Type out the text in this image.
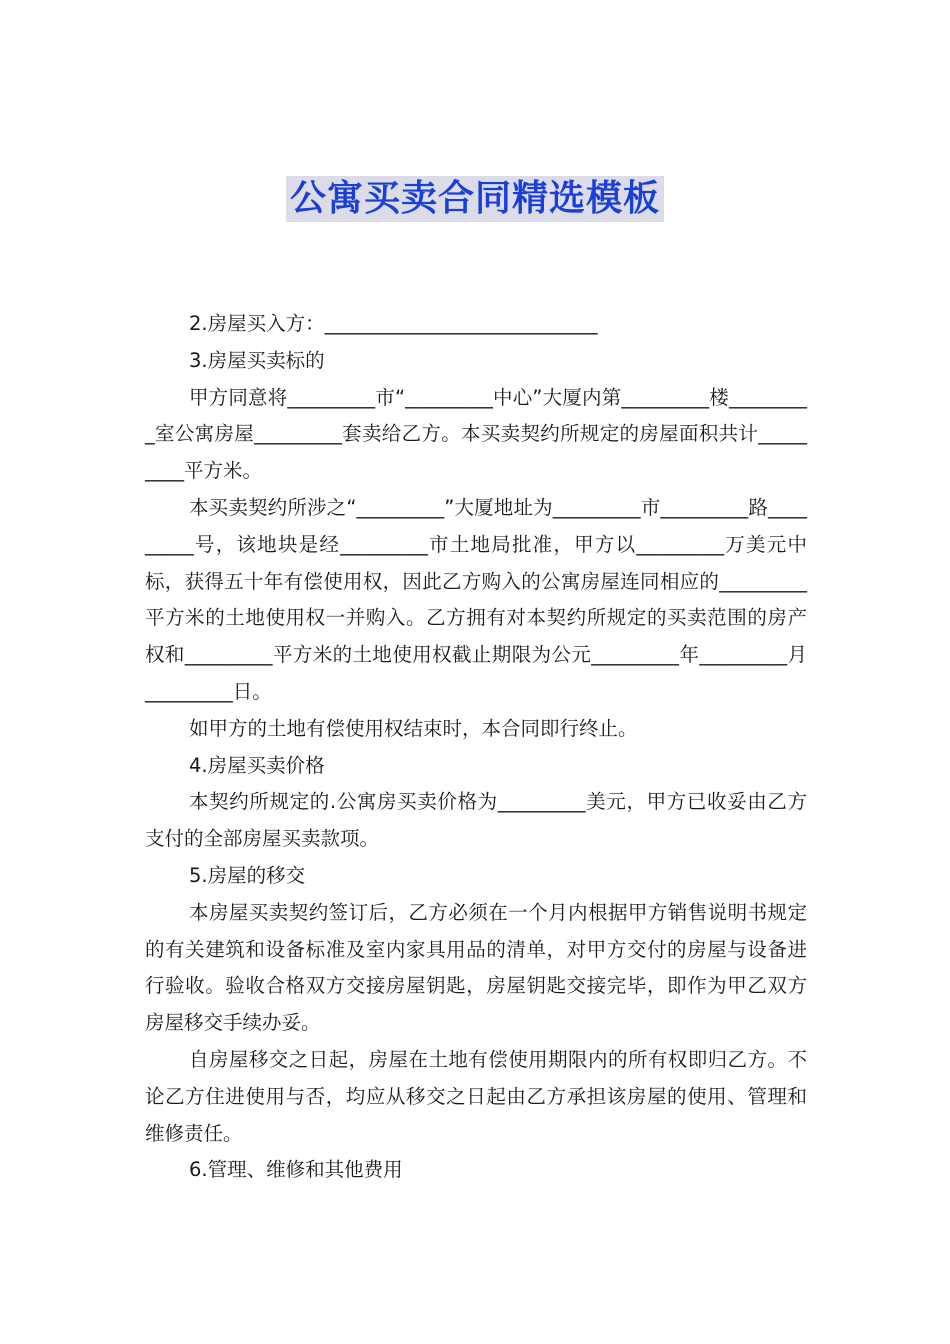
公寓买卖合同精选模板

2.房屋买入方：____________________________

3.房屋买卖标的

甲方同意将_________市“_________中心”大厦内第_________楼_________室公寓房屋_________套卖给乙方。本买卖契约所规定的房屋面积共计_________平方米。

本买卖契约所涉之“_________”大厦地址为_________市_________路_________号，该地块是经_________市土地局批准，甲方以_________万美元中标，获得五十年有偿使用权，因此乙方购入的公寓房屋连同相应的_________平方米的土地使用权一并购入。乙方拥有对本契约所规定的买卖范围的房产权和_________平方米的土地使用权截止期限为公元_________年_________月_________日。

如甲方的土地有偿使用权结束时，本合同即行终止。

4.房屋买卖价格

本契约所规定的.公寓房买卖价格为_________美元，甲方已收妥由乙方支付的全部房屋买卖款项。

5.房屋的移交

本房屋买卖契约签订后，乙方必须在一个月内根据甲方销售说明书规定的有关建筑和设备标准及室内家具用品的清单，对甲方交付的房屋与设备进行验收。验收合格双方交接房屋钥匙，房屋钥匙交接完毕，即作为甲乙双方房屋移交手续办妥。

自房屋移交之日起，房屋在土地有偿使用期限内的所有权即归乙方。不论乙方住进使用与否，均应从移交之日起由乙方承担该房屋的使用、管理和维修责任。

6.管理、维修和其他费用
